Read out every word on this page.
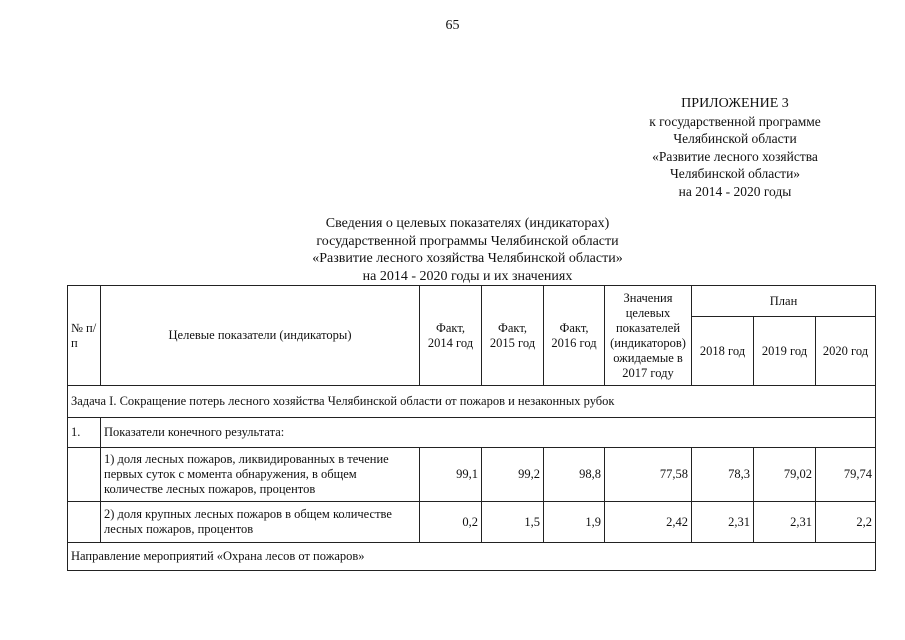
65
ПРИЛОЖЕНИЕ 3
к государственной программе
Челябинской области
«Развитие лесного хозяйства
Челябинской области»
на 2014 - 2020 годы
Сведения о целевых показателях (индикаторах)
государственной программы Челябинской области
«Развитие лесного хозяйства Челябинской области»
на 2014 - 2020 годы и их значениях
№ п/п	Целевые показатели (индикаторы)	Факт, 2014 год	Факт, 2015 год	Факт, 2016 год	Значения целевых показателей (индикаторов) ожидаемые в 2017 году	План		
						2018 год	2019 год	2020 год
Задача I. Сокращение потерь лесного хозяйства Челябинской области от пожаров и незаконных рубок								
1.	Показатели конечного результата:							
	1) доля лесных пожаров, ликвидированных в течение первых суток с момента обнаружения, в общем количестве лесных пожаров, процентов	99,1	99,2	98,8	77,58	78,3	79,02	79,74
	2) доля крупных лесных пожаров в общем количестве лесных пожаров, процентов	0,2	1,5	1,9	2,42	2,31	2,31	2,2
Направление мероприятий «Охрана лесов от пожаров»								
